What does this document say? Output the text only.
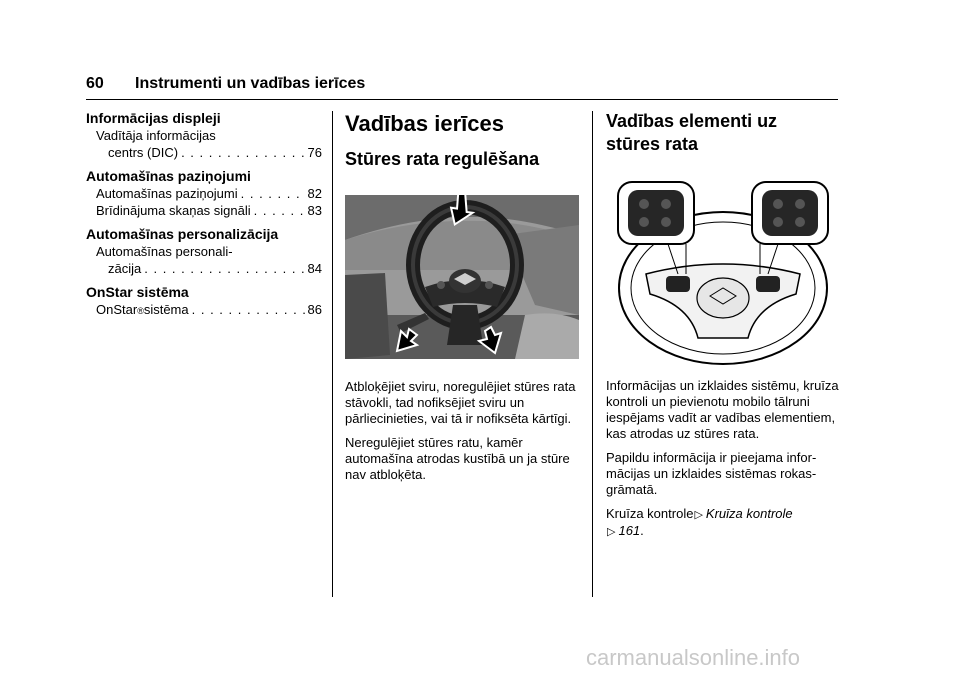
60 Instrumenti un vadības ierīces
Informācijas displeji
Vadītāja informācijas
centrs (DIC) . . .	76
Automašīnas paziņojumi
Automašīnas paziņojumi . . .	82
Brīdinājuma skaņas signāli . . .	83
Automašīnas personalizācija
Automašīnas personali-
zācija . . .	84
OnStar sistēma
OnStar ® sistēma . . .	86
Vadības ierīces
Stūres rata regulēšana

Atbloķējiet sviru, noregulējiet stūres rata stāvokli, tad nofiksējiet sviru un pārliecinieties, vai tā ir nofiksēta kārtīgi.

Neregulējiet stūres ratu, kamēr automašīna atrodas kustībā un ja stūre nav atbloķēta.

Vadības elementi uz
stūres rata

Informācijas un izklaides sistēmu, kruīza kontroli un pievienotu mobilo tālruni iespējams vadīt ar vadības elementiem, kas atrodas uz stūres rata.

Papildu informācija ir pieejama informācijas un izklaides sistēmas rokasgrāmatā.

Kruīza kontrole▷ Kruīza kontrole

▷ 161.

carmanualsonline.info
